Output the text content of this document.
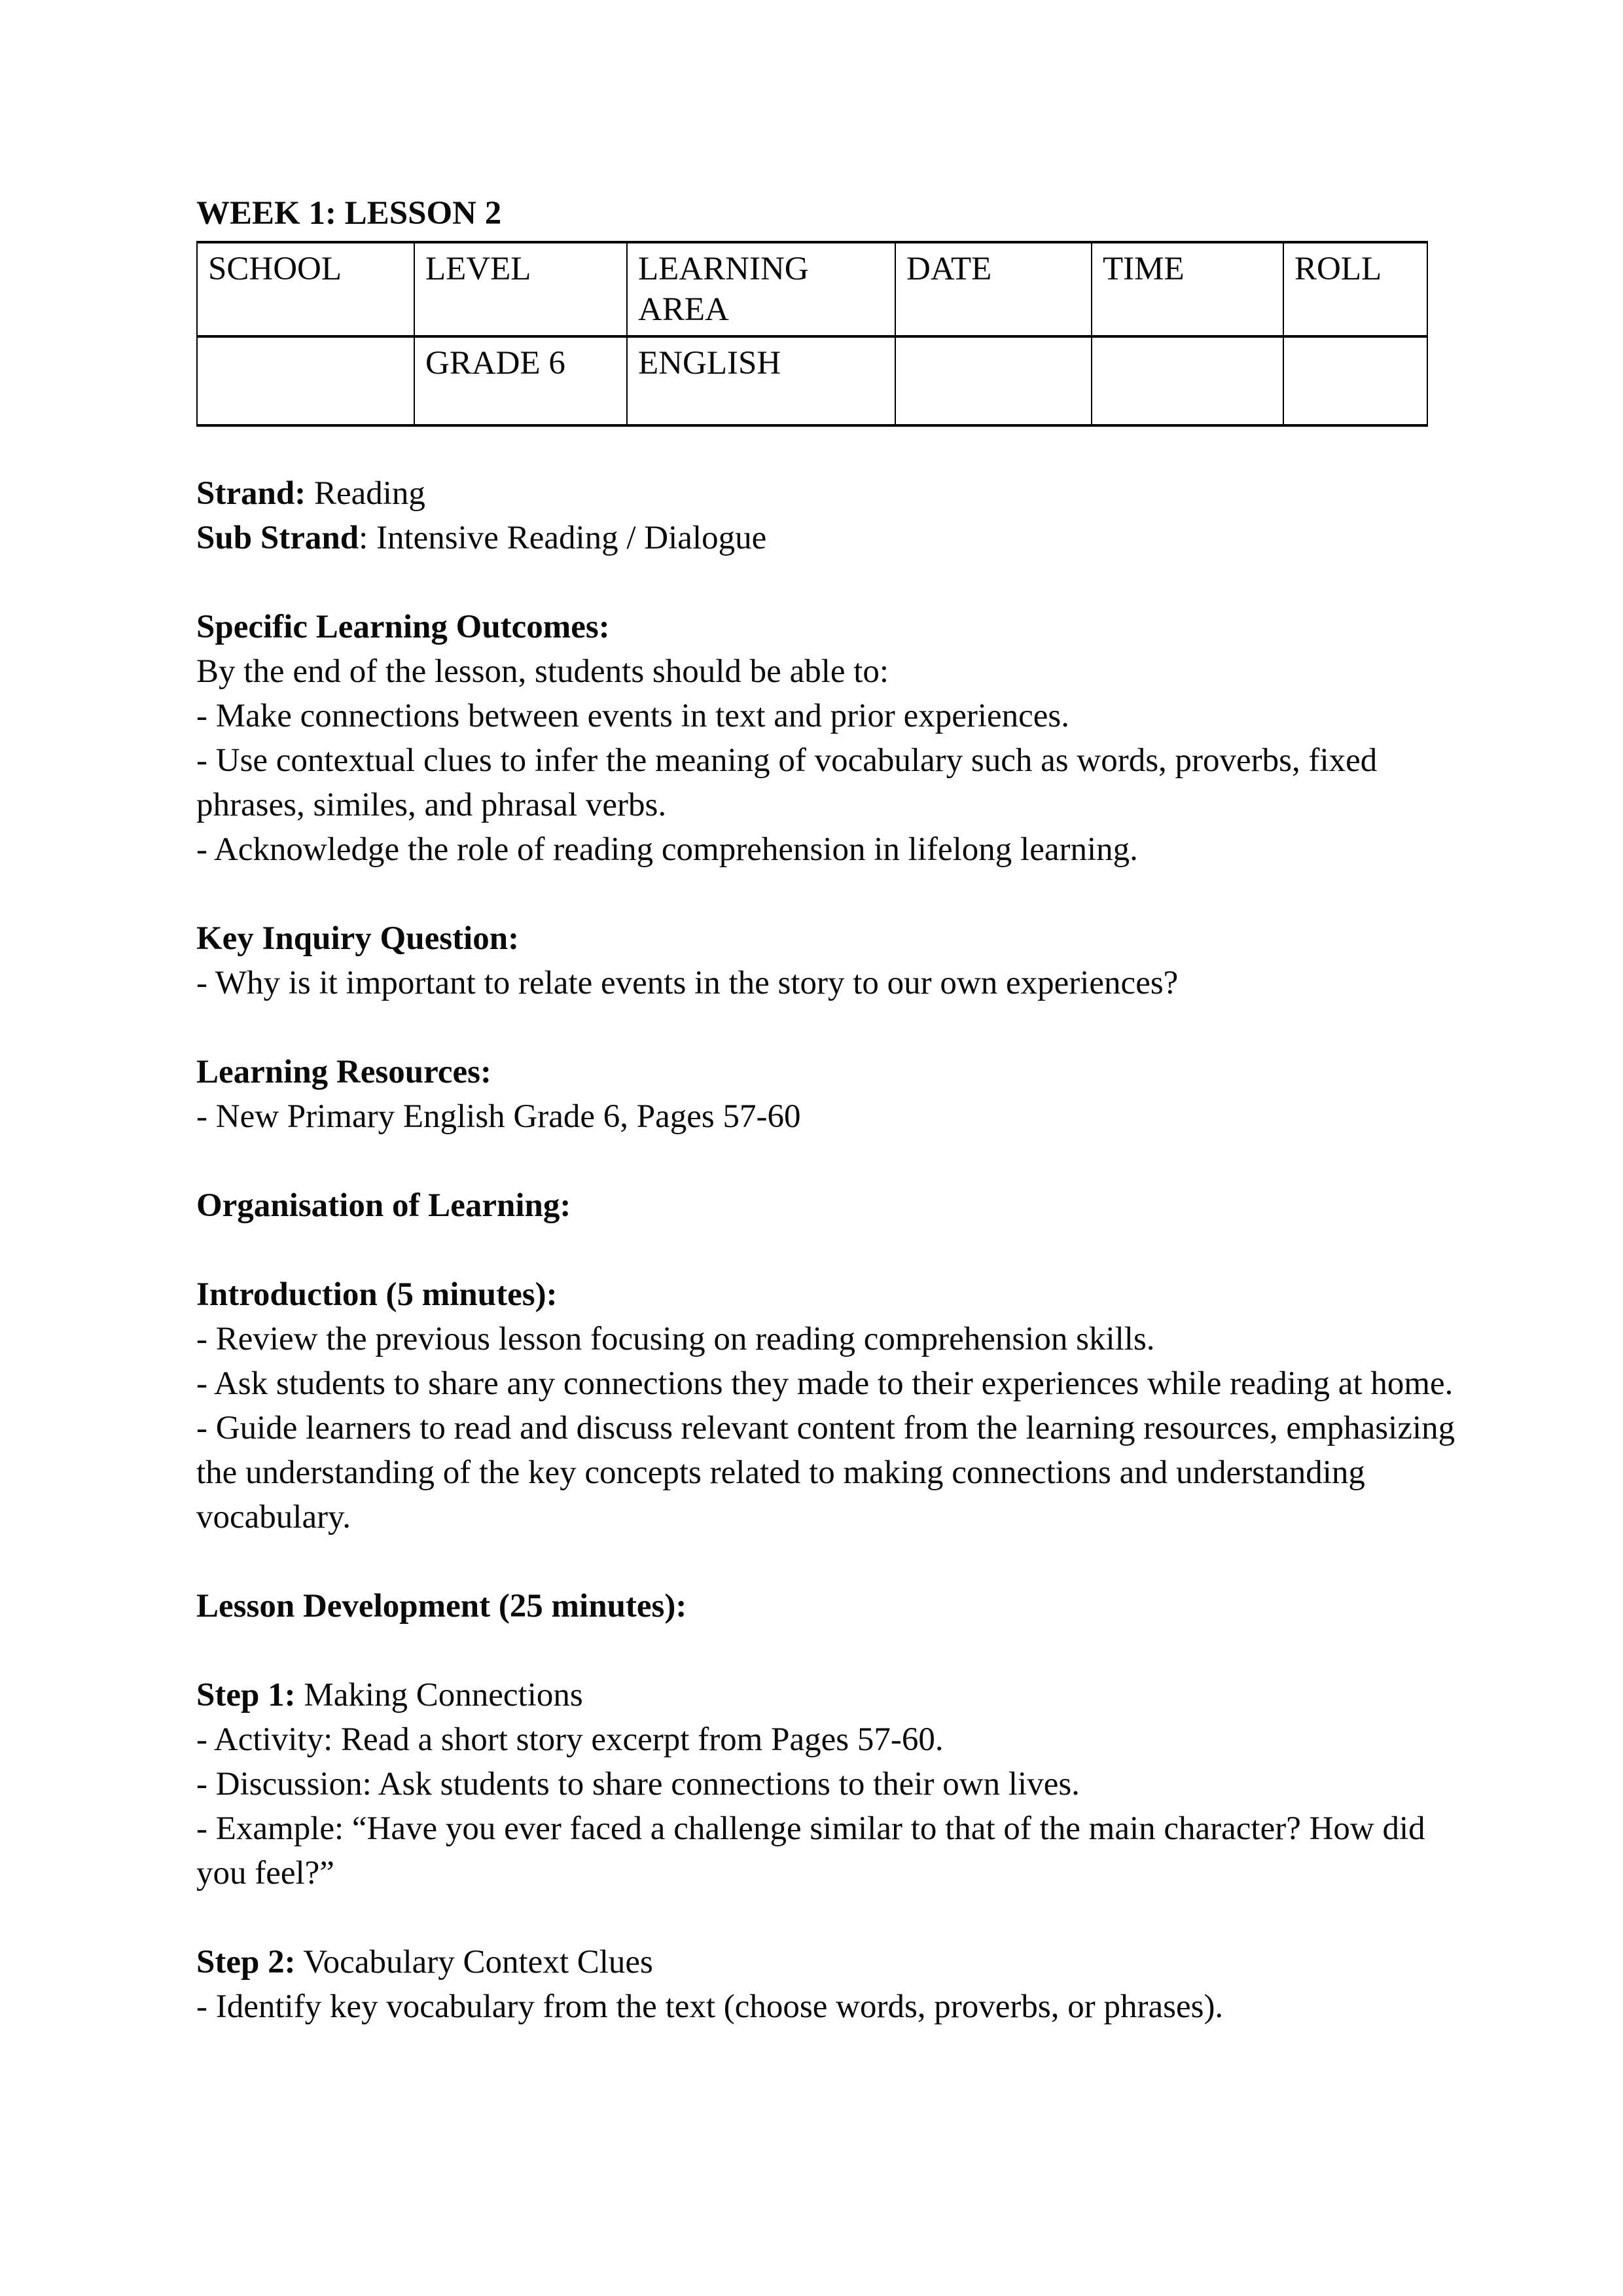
WEEK 1: LESSON 2

SCHOOL	LEVEL	LEARNING AREA	DATE	TIME	ROLL
	GRADE 6	ENGLISH			

Strand: Reading

Sub Strand: Intensive Reading / Dialogue

Specific Learning Outcomes:

By the end of the lesson, students should be able to:

- Make connections between events in text and prior experiences.

- Use contextual clues to infer the meaning of vocabulary such as words, proverbs, fixed

phrases, similes, and phrasal verbs.

- Acknowledge the role of reading comprehension in lifelong learning.

Key Inquiry Question:

- Why is it important to relate events in the story to our own experiences?

Learning Resources:

- New Primary English Grade 6, Pages 57-60

Organisation of Learning:

Introduction (5 minutes):

- Review the previous lesson focusing on reading comprehension skills.

- Ask students to share any connections they made to their experiences while reading at home.

- Guide learners to read and discuss relevant content from the learning resources, emphasizing

the understanding of the key concepts related to making connections and understanding

vocabulary.

Lesson Development (25 minutes):

Step 1: Making Connections

- Activity: Read a short story excerpt from Pages 57-60.

- Discussion: Ask students to share connections to their own lives.

- Example: “Have you ever faced a challenge similar to that of the main character? How did

you feel?”

Step 2: Vocabulary Context Clues

- Identify key vocabulary from the text (choose words, proverbs, or phrases).
